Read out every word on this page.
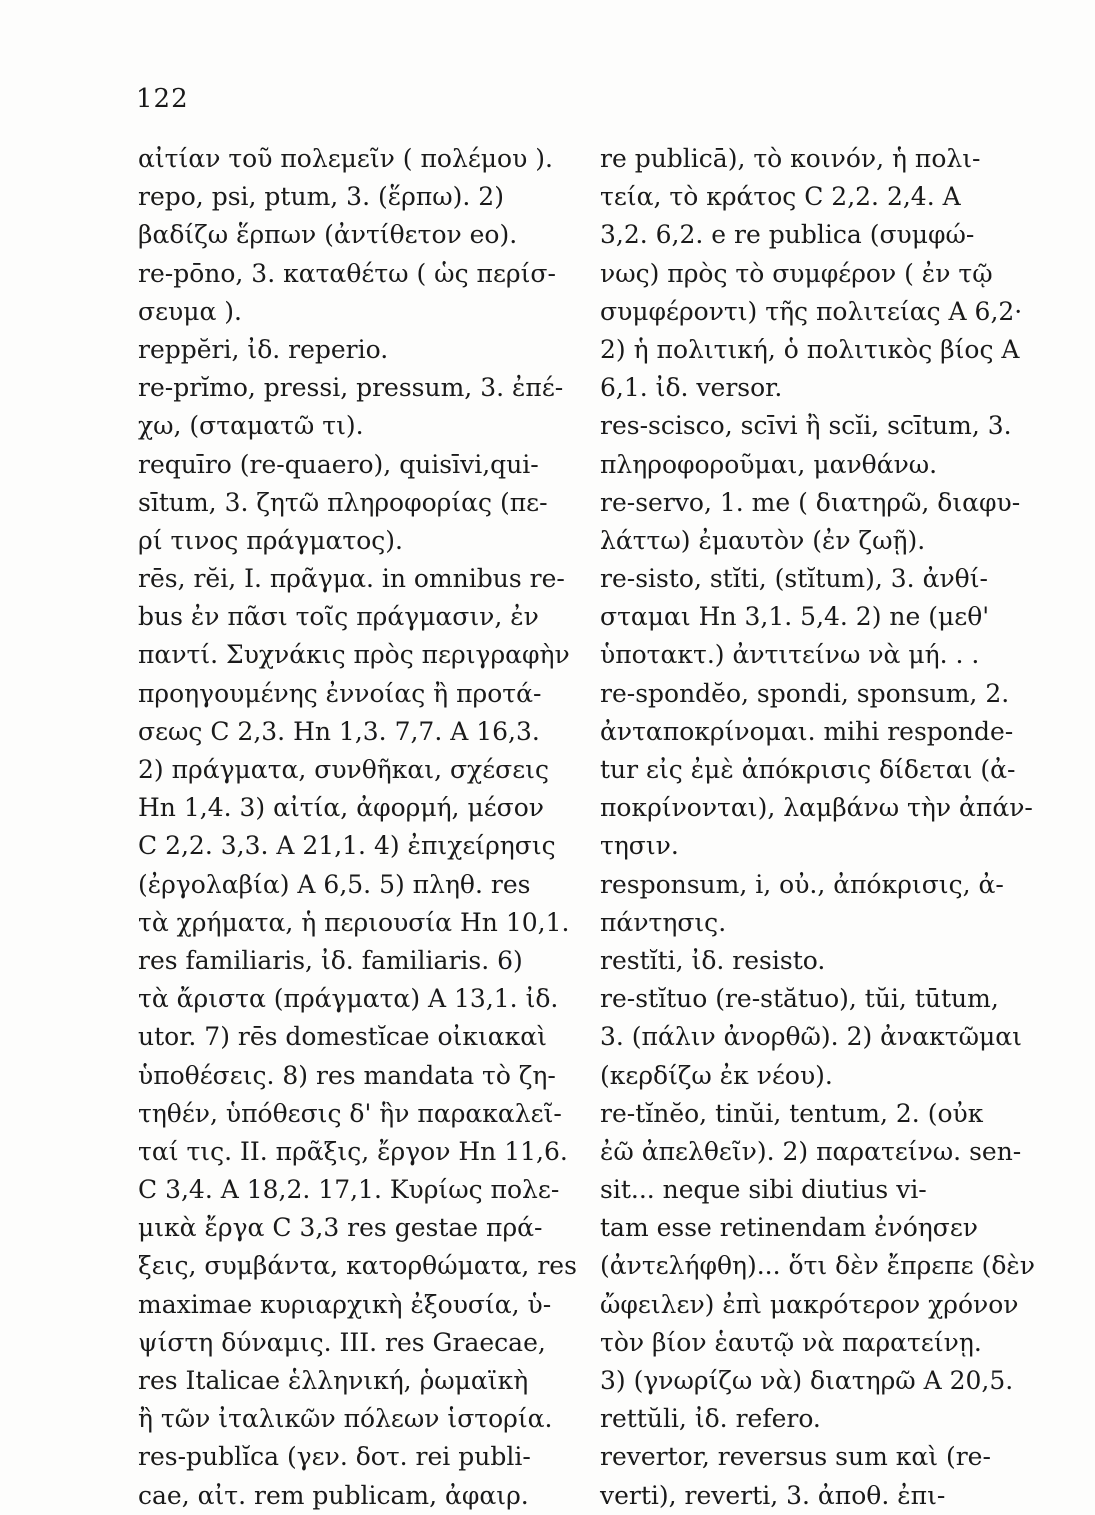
122
αἰτίαν τοῦ πολεμεῖν ( πολέμου ).
repo, psi, ptum, 3. (ἕρπω). 2)
βαδίζω ἕρπων (ἀντίθετον eo).
re-pōno, 3. καταθέτω ( ὡς περίσ-
σευμα ).
reppĕri, ἰδ. reperio.
re-prĭmo, pressi, pressum, 3. ἐπέ-
χω, (σταματῶ τι).
requīro (re-quaero), quisīvi,qui-
sītum, 3. ζητῶ πληροφορίας (πε-
ρί τινος πράγματος).
rēs, rĕi, I. πρᾶγμα. in omnibus re-
bus ἐν πᾶσι τοῖς πράγμασιν, ἐν
παντί. Συχνάκις πρὸς περιγραφὴν
προηγουμένης ἐννοίας ἢ προτά-
σεως C 2,3. Hn 1,3. 7,7. A 16,3.
2) πράγματα, συνθῆκαι, σχέσεις
Hn 1,4. 3) αἰτία, ἀφορμή, μέσον
C 2,2. 3,3. A 21,1. 4) ἐπιχείρησις
(ἐργολαβία) A 6,5. 5) πληθ. res
τὰ χρήματα, ἡ περιουσία Hn 10,1.
res familiaris, ἰδ. familiaris. 6)
τὰ ἄριστα (πράγματα) A 13,1. ἰδ.
utor. 7) rēs domestĭcae οἰκιακαὶ
ὑποθέσεις. 8) res mandata τὸ ζη-
τηθέν, ὑπόθεσις δ' ἣν παρακαλεῖ-
ταί τις. II. πρᾶξις, ἔργον Hn 11,6.
C 3,4. A 18,2. 17,1. Κυρίως πολε-
μικὰ ἔργα C 3,3 res gestae πρά-
ξεις, συμβάντα, κατορθώματα, res
maximae κυριαρχικὴ ἐξουσία, ὑ-
ψίστη δύναμις. III. res Graecae,
res Italicae ἑλληνική, ῥωμαϊκὴ
ἢ τῶν ἰταλικῶν πόλεων ἱστορία.
res-publĭca (γεν. δοτ. rei publi-
cae, αἰτ. rem publicam, ἀφαιρ.
re publicā), τὸ κοινόν, ἡ πολι-
τεία, τὸ κράτος C 2,2. 2,4. A
3,2. 6,2. e re publica (συμφώ-
νως) πρὸς τὸ συμφέρον ( ἐν τῷ
συμφέροντι) τῆς πολιτείας A 6,2·
2) ἡ πολιτική, ὁ πολιτικὸς βίος A
6,1. ἰδ. versor.
res-scisco, scīvi ἢ scĭi, scītum, 3.
πληροφοροῦμαι, μανθάνω.
re-servo, 1. me ( διατηρῶ, διαφυ-
λάττω) ἐμαυτὸν (ἐν ζωῇ).
re-sisto, stĭti, (stĭtum), 3. ἀνθί-
σταμαι Hn 3,1. 5,4. 2) ne (μεθ'
ὑποτακτ.) ἀντιτείνω νὰ μή. . .
re-spondĕo, spondi, sponsum, 2.
ἀνταποκρίνομαι. mihi responde-
tur εἰς ἐμὲ ἀπόκρισις δίδεται (ἀ-
ποκρίνονται), λαμβάνω τὴν ἀπάν-
τησιν.
responsum, i, οὐ., ἀπόκρισις, ἀ-
πάντησις.
restĭti, ἰδ. resisto.
re-stĭtuo (re-stătuo), tŭi, tūtum,
3. (πάλιν ἀνορθῶ). 2) ἀνακτῶμαι
(κερδίζω ἐκ νέου).
re-tĭnĕo, tinŭi, tentum, 2. (οὐκ
ἐῶ ἀπελθεῖν). 2) παρατείνω. sen-
sit... neque sibi diutius vi-
tam esse retinendam ἐνόησεν
(ἀντελήφθη)... ὅτι δὲν ἔπρεπε (δὲν
ὤφειλεν) ἐπὶ μακρότερον χρόνον
τὸν βίον ἑαυτῷ νὰ παρατείνῃ.
3) (γνωρίζω νὰ) διατηρῶ A 20,5.
rettŭli, ἰδ. refero.
revertor, reversus sum καὶ (re-
verti), reverti, 3. ἀποθ. ἐπι-
